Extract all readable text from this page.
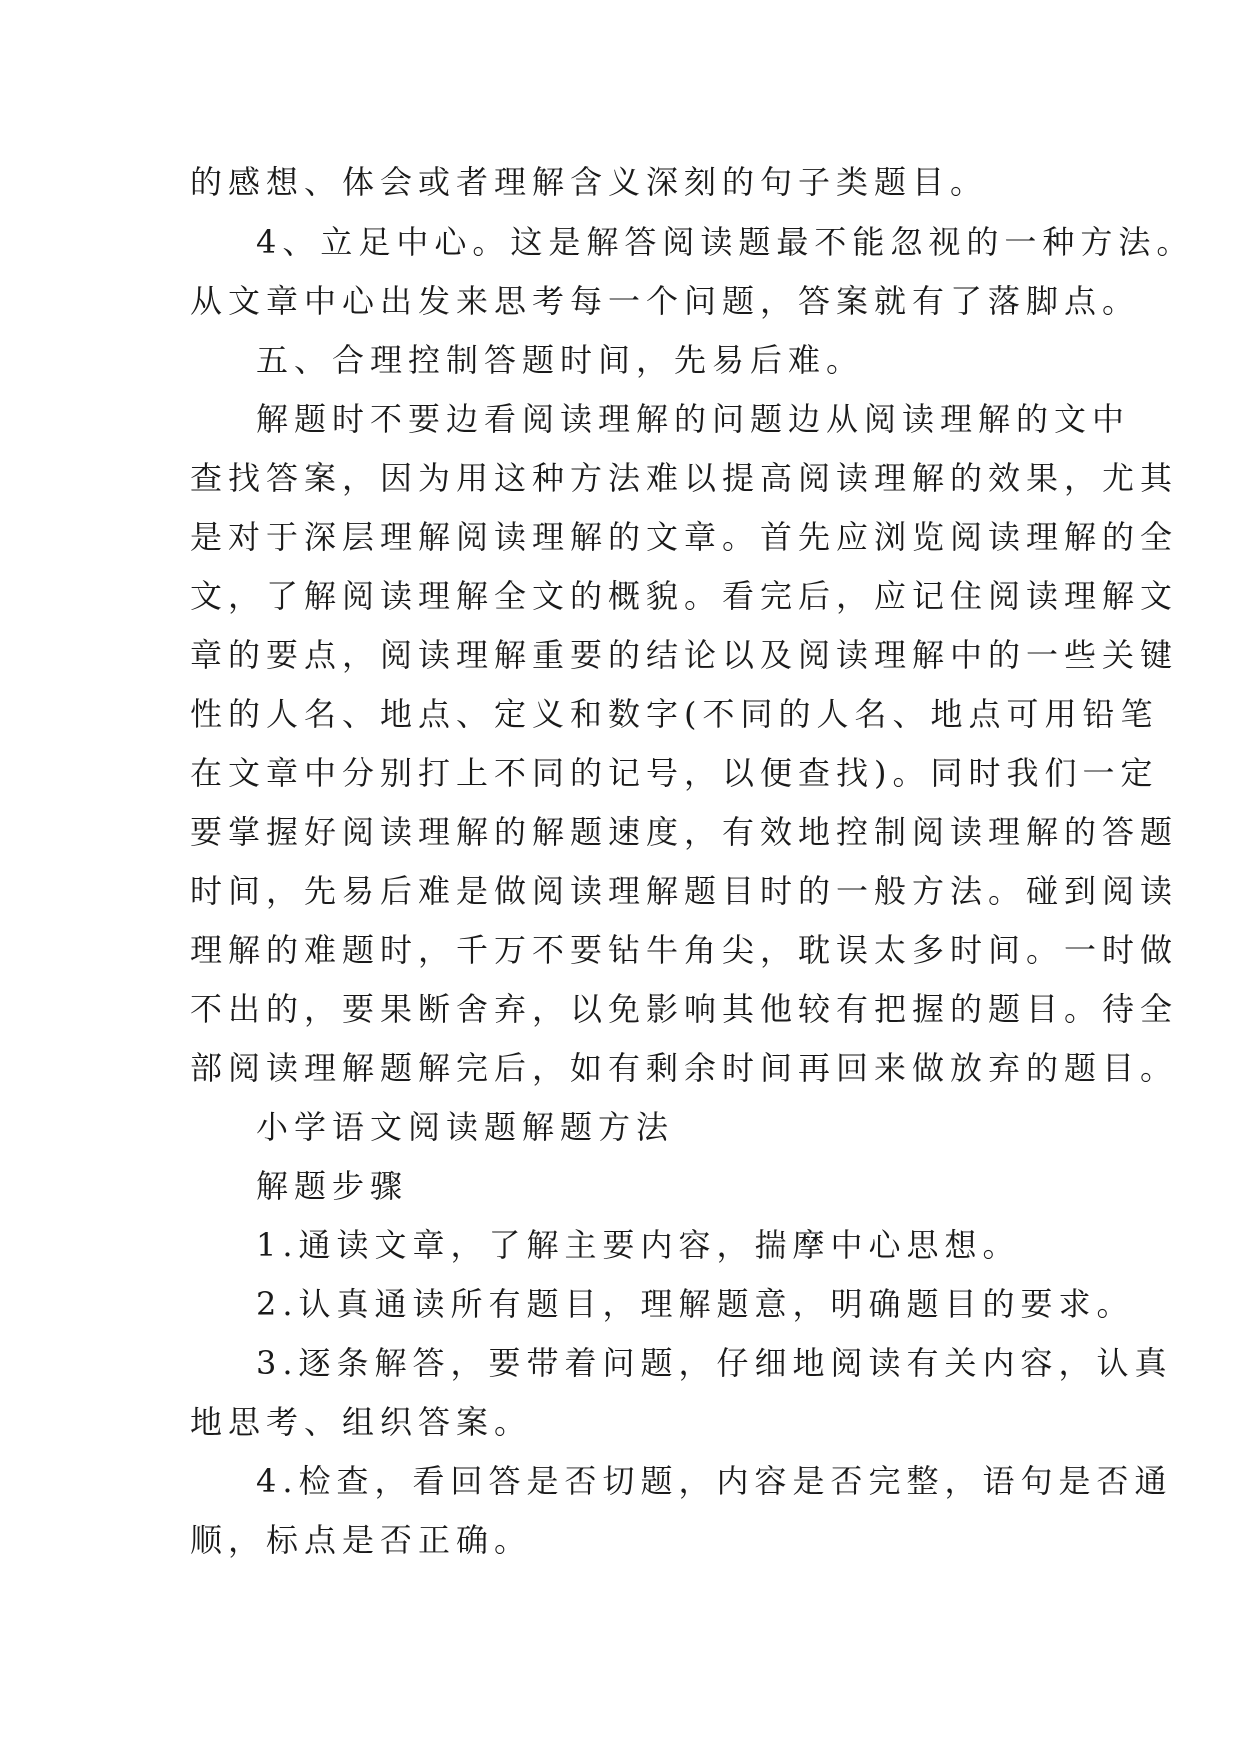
的感想、体会或者理解含义深刻的句子类题目。
4、立足中心。这是解答阅读题最不能忽视的一种方法。
从文章中心出发来思考每一个问题，答案就有了落脚点。
五、合理控制答题时间，先易后难。
解题时不要边看阅读理解的问题边从阅读理解的文中
查找答案，因为用这种方法难以提高阅读理解的效果，尤其
是对于深层理解阅读理解的文章。首先应浏览阅读理解的全
文，了解阅读理解全文的概貌。看完后，应记住阅读理解文
章的要点，阅读理解重要的结论以及阅读理解中的一些关键
性的人名、地点、定义和数字(不同的人名、地点可用铅笔
在文章中分别打上不同的记号，以便查找)。同时我们一定
要掌握好阅读理解的解题速度，有效地控制阅读理解的答题
时间，先易后难是做阅读理解题目时的一般方法。碰到阅读
理解的难题时，千万不要钻牛角尖，耽误太多时间。一时做
不出的，要果断舍弃，以免影响其他较有把握的题目。待全
部阅读理解题解完后，如有剩余时间再回来做放弃的题目。
小学语文阅读题解题方法
解题步骤
1.通读文章，了解主要内容，揣摩中心思想。
2.认真通读所有题目，理解题意，明确题目的要求。
3.逐条解答，要带着问题，仔细地阅读有关内容，认真
地思考、组织答案。
4.检查，看回答是否切题，内容是否完整，语句是否通
顺，标点是否正确。
